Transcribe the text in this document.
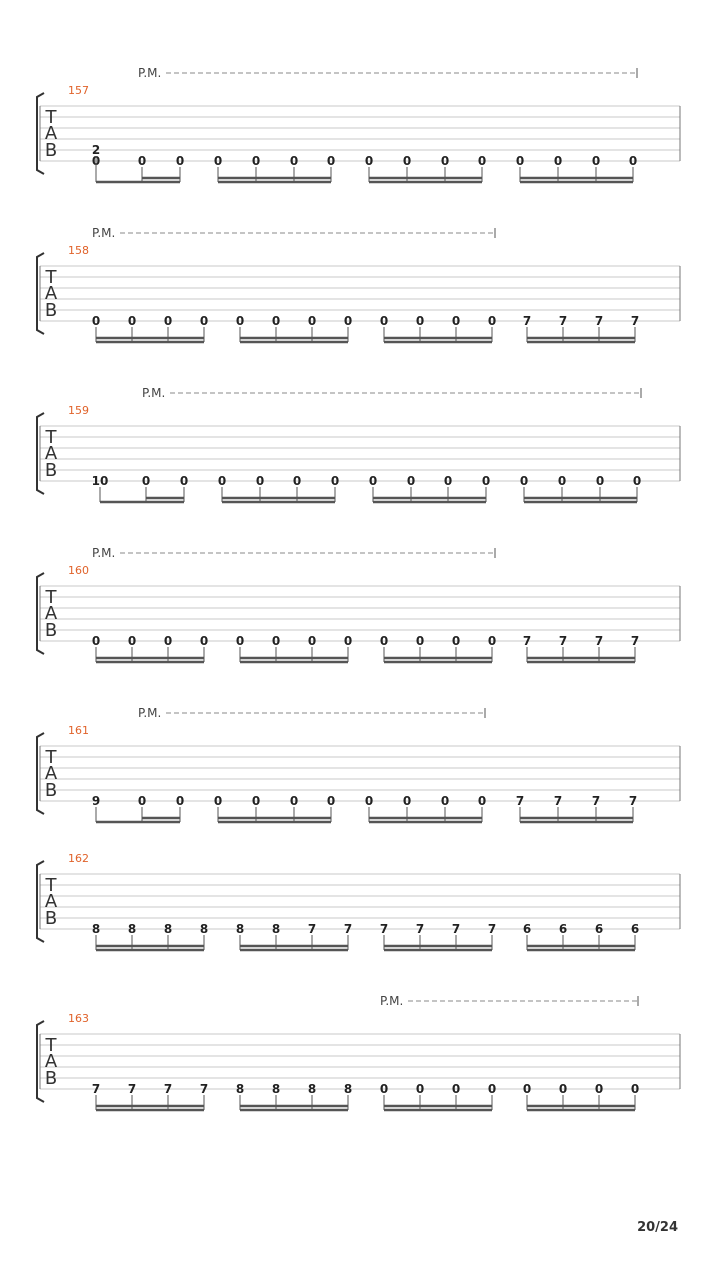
P.M.
157
T
A
B	2
0	0 0 0 0 0 0 0 0 0 0 0 0 0 0
P.M.
158
T
A
B	0 0 0 0 0 0 0 0 0 0 0 0 7 7 7 7
P.M.
159
T
A
B	10	0 0 0 0 0 0 0 0 0 0 0 0 0 0
P.M.
160
T
A
B	0 0 0 0 0 0 0 0 0 0 0 0 7 7 7 7
P.M.
161
T
A
B	9	0 0 0 0 0 0 0 0 0 0 7 7 7 7
162
T
A
B	8 8 8 8 8 8 7 7 7 7 7 7 6 6 6 6
P.M.
163
T
A
B	7 7 7 7 8 8 8 8 0 0 0 0 0 0 0 0
20/24
